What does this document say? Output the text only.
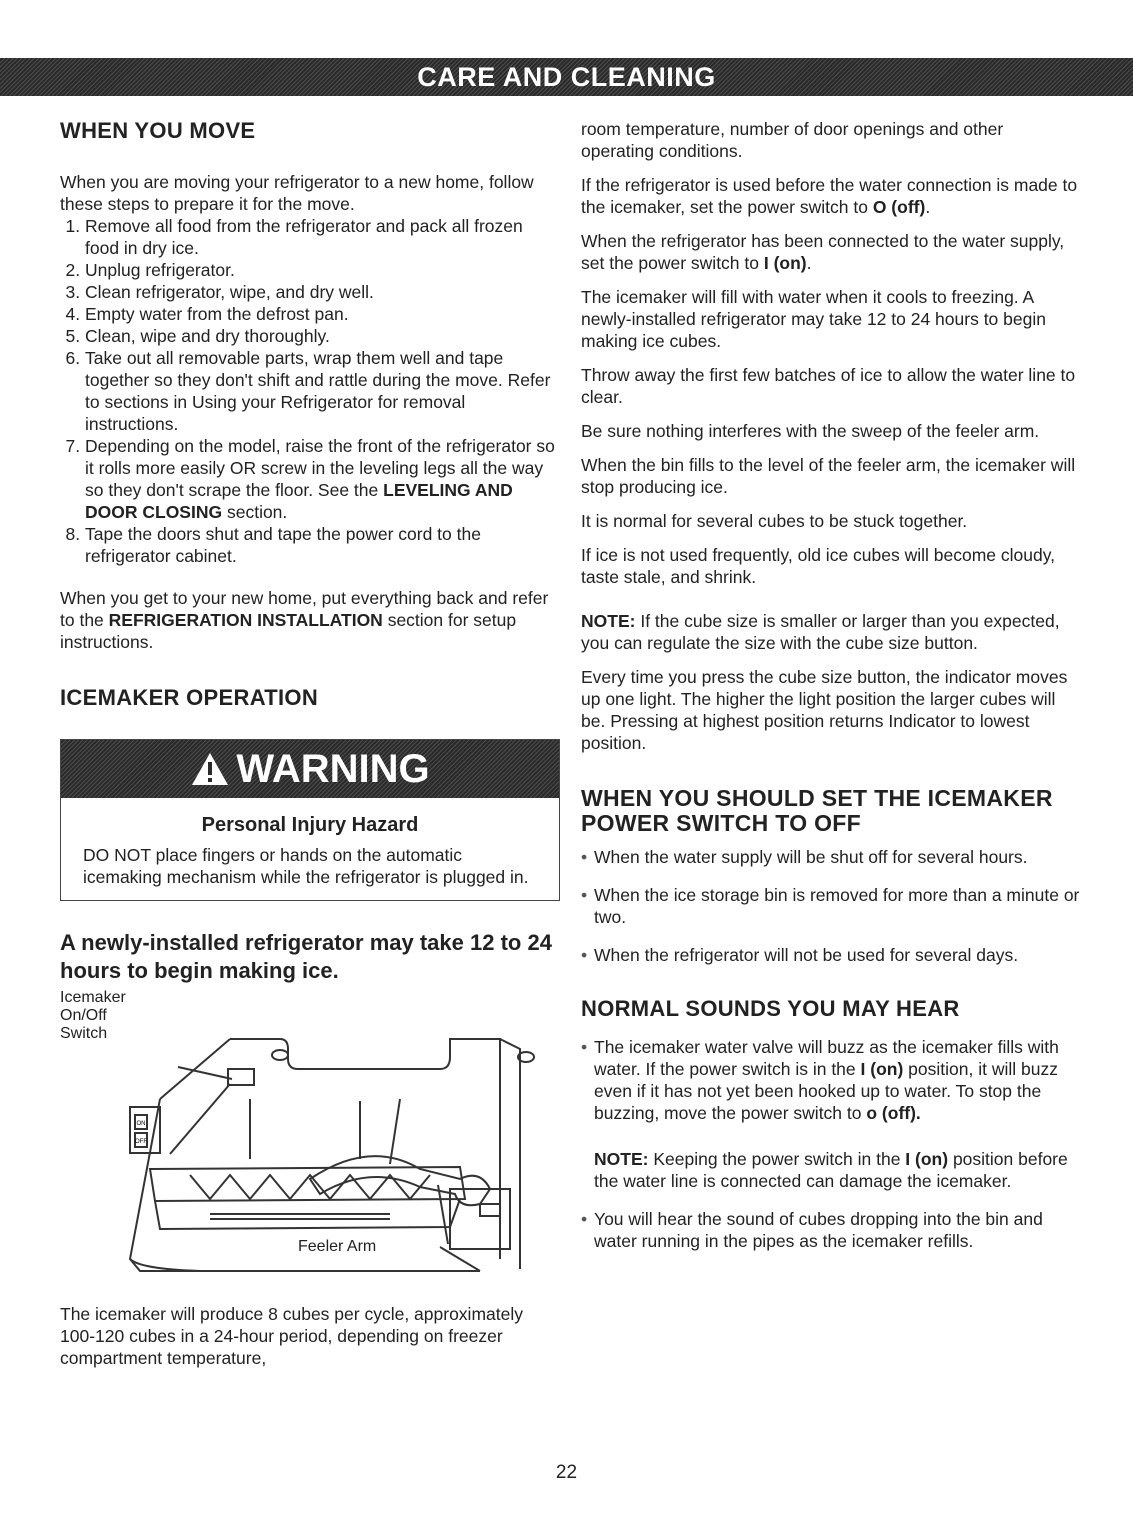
CARE AND CLEANING
WHEN YOU MOVE

When you are moving your refrigerator to a new home, follow these steps to prepare it for the move.

1. Remove all food from the refrigerator and pack all frozen food in dry ice.
2. Unplug refrigerator.
3. Clean refrigerator, wipe, and dry well.
4. Empty water from the defrost pan.
5. Clean, wipe and dry thoroughly.
6. Take out all removable parts, wrap them well and tape together so they don't shift and rattle during the move. Refer to sections in Using your Refrigerator for removal instructions.
7. Depending on the model, raise the front of the refrigerator so it rolls more easily OR screw in the leveling legs all the way so they don't scrape the floor. See the LEVELING AND DOOR CLOSING section.
8. Tape the doors shut and tape the power cord to the refrigerator cabinet.

When you get to your new home, put everything back and refer to the REFRIGERATION INSTALLATION section for setup instructions.

ICEMAKER OPERATION
WARNING
Personal Injury Hazard
DO NOT place fingers or hands on the automatic icemaking mechanism while the refrigerator is plugged in.
A newly-installed refrigerator may take 12 to 24 hours to begin making ice.
ON
OFF
Icemaker On/Off Switch
Feeler Arm

The icemaker will produce 8 cubes per cycle, approximately 100-120 cubes in a 24-hour period, depending on freezer compartment temperature,

room temperature, number of door openings and other operating conditions.

If the refrigerator is used before the water connection is made to the icemaker, set the power switch to O (off).

When the refrigerator has been connected to the water supply, set the power switch to I (on).

The icemaker will fill with water when it cools to freezing. A newly-installed refrigerator may take 12 to 24 hours to begin making ice cubes.

Throw away the first few batches of ice to allow the water line to clear.

Be sure nothing interferes with the sweep of the feeler arm.

When the bin fills to the level of the feeler arm, the icemaker will stop producing ice.

It is normal for several cubes to be stuck together.

If ice is not used frequently, old ice cubes will become cloudy, taste stale, and shrink.

NOTE: If the cube size is smaller or larger than you expected, you can regulate the size with the cube size button.

Every time you press the cube size button, the indicator moves up one light. The higher the light position the larger cubes will be. Pressing at highest position returns Indicator to lowest position.

WHEN YOU SHOULD SET THE ICEMAKER POWER SWITCH TO OFF
• When the water supply will be shut off for several hours.
• When the ice storage bin is removed for more than a minute or two.
• When the refrigerator will not be used for several days.
NORMAL SOUNDS YOU MAY HEAR
• The icemaker water valve will buzz as the icemaker fills with water. If the power switch is in the I (on) position, it will buzz even if it has not yet been hooked up to water. To stop the buzzing, move the power switch to o (off).

NOTE: Keeping the power switch in the I (on) position before the water line is connected can damage the icemaker.

• You will hear the sound of cubes dropping into the bin and water running in the pipes as the icemaker refills.
22
